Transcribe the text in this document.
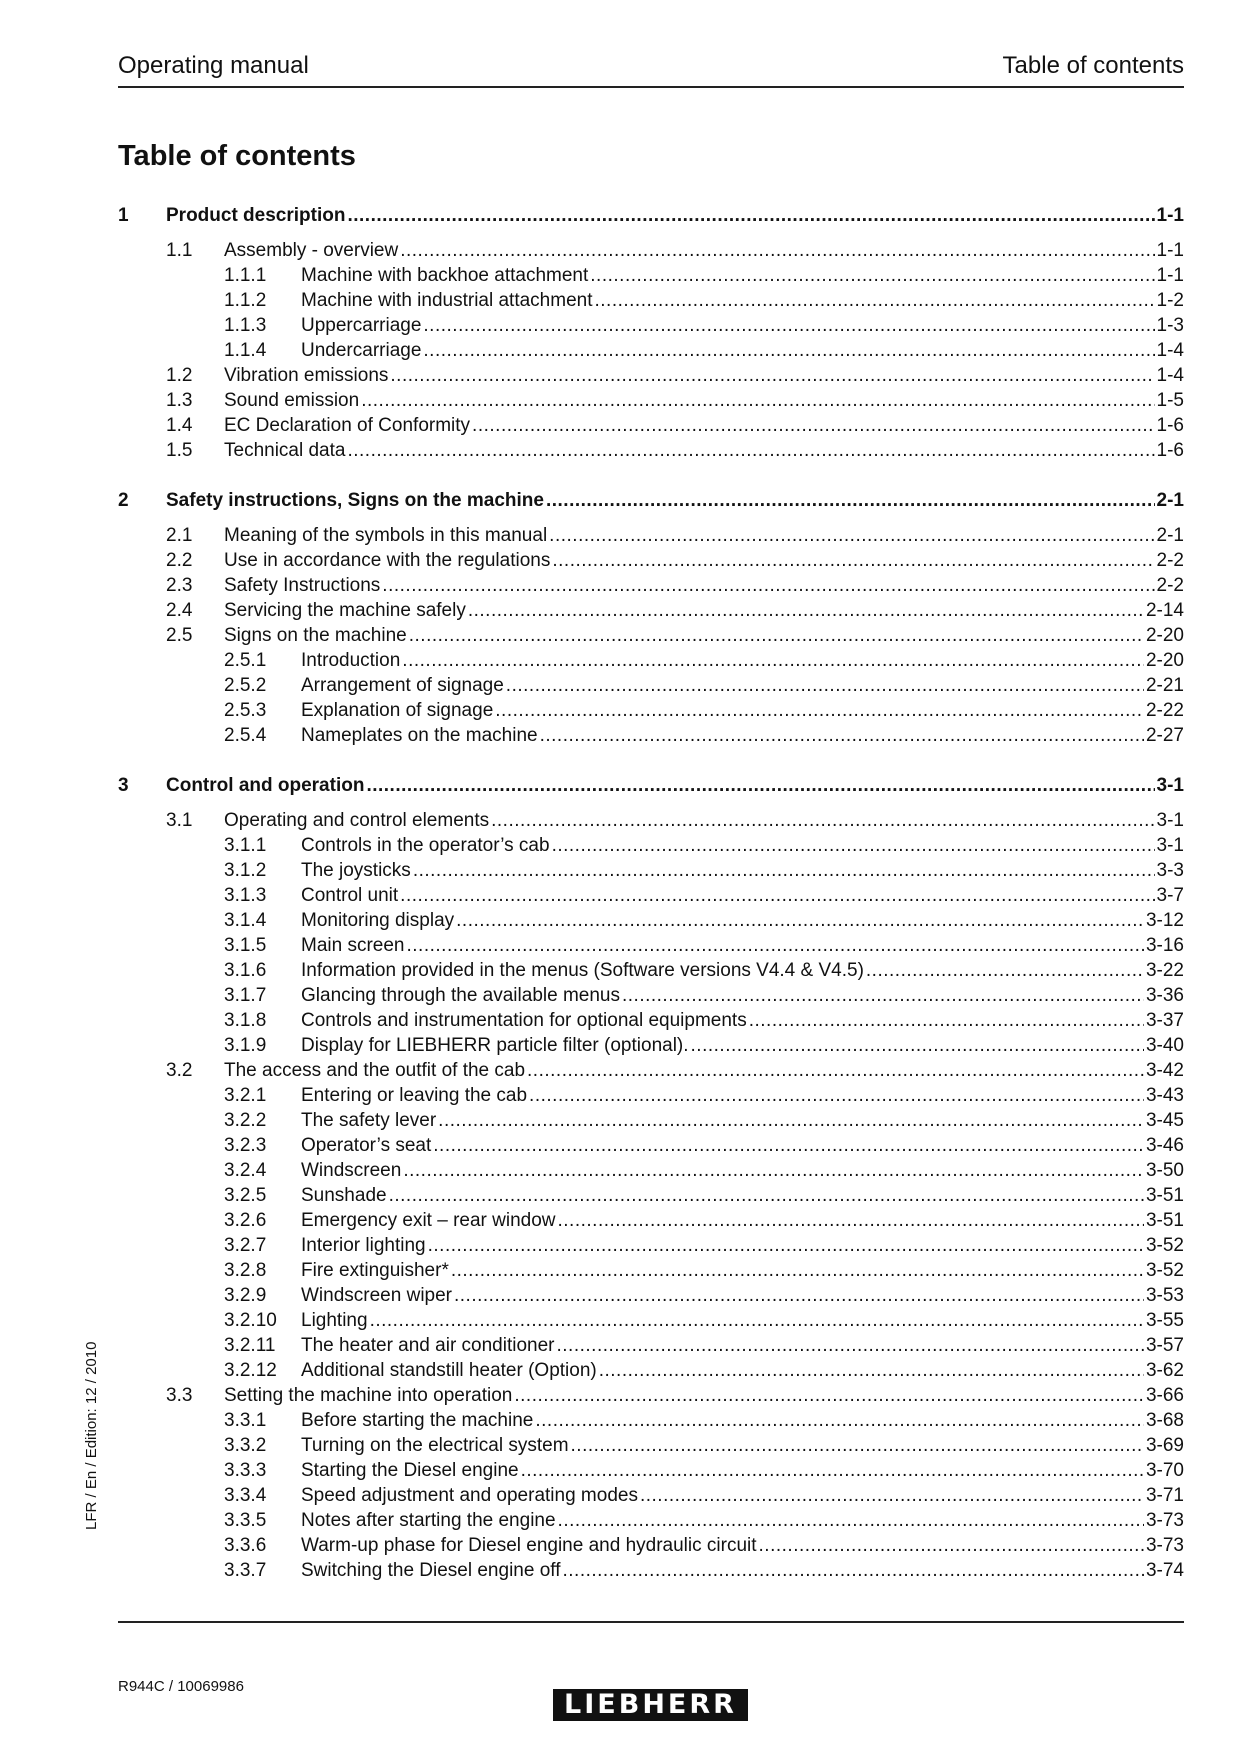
Operating manual	Table of contents
Table of contents
1	Product description .....	1-1
1.1	Assembly - overview .....	1-1
1.1.1	Machine with backhoe attachment .....	1-1
1.1.2	Machine with industrial attachment .....	1-2
1.1.3	Uppercarriage .....	1-3
1.1.4	Undercarriage .....	1-4
1.2	Vibration emissions .....	1-4
1.3	Sound emission .....	1-5
1.4	EC Declaration of Conformity .....	1-6
1.5	Technical data .....	1-6
2	Safety instructions, Signs on the machine .....	2-1
2.1	Meaning of the symbols in this manual .....	2-1
2.2	Use in accordance with the regulations .....	2-2
2.3	Safety Instructions .....	2-2
2.4	Servicing the machine safely .....	2-14
2.5	Signs on the machine .....	2-20
2.5.1	Introduction .....	2-20
2.5.2	Arrangement of signage .....	2-21
2.5.3	Explanation of signage .....	2-22
2.5.4	Nameplates on the machine .....	2-27
3	Control and operation .....	3-1
3.1	Operating and control elements .....	3-1
3.1.1	Controls in the operator’s cab .....	3-1
3.1.2	The joysticks .....	3-3
3.1.3	Control unit .....	3-7
3.1.4	Monitoring display .....	3-12
3.1.5	Main screen .....	3-16
3.1.6	Information provided in the menus (Software versions V4.4 & V4.5) .....	3-22
3.1.7	Glancing through the available menus .....	3-36
3.1.8	Controls and instrumentation for optional equipments .....	3-37
3.1.9	Display for LIEBHERR particle filter (optional). .....	3-40
3.2	The access and the outfit of the cab .....	3-42
3.2.1	Entering or leaving the cab .....	3-43
3.2.2	The safety lever .....	3-45
3.2.3	Operator’s seat .....	3-46
3.2.4	Windscreen .....	3-50
3.2.5	Sunshade .....	3-51
3.2.6	Emergency exit – rear window .....	3-51
3.2.7	Interior lighting .....	3-52
3.2.8	Fire extinguisher* .....	3-52
3.2.9	Windscreen wiper .....	3-53
3.2.10	Lighting .....	3-55
3.2.11	The heater and air conditioner .....	3-57
3.2.12	Additional standstill heater (Option) .....	3-62
3.3	Setting the machine into operation .....	3-66
3.3.1	Before starting the machine .....	3-68
3.3.2	Turning on the electrical system .....	3-69
3.3.3	Starting the Diesel engine .....	3-70
3.3.4	Speed adjustment and operating modes .....	3-71
3.3.5	Notes after starting the engine .....	3-73
3.3.6	Warm-up phase for Diesel engine and hydraulic circuit .....	3-73
3.3.7	Switching the Diesel engine off .....	3-74
LFR / En / Edition: 12 / 2010
R944C / 10069986
LIEBHERR
